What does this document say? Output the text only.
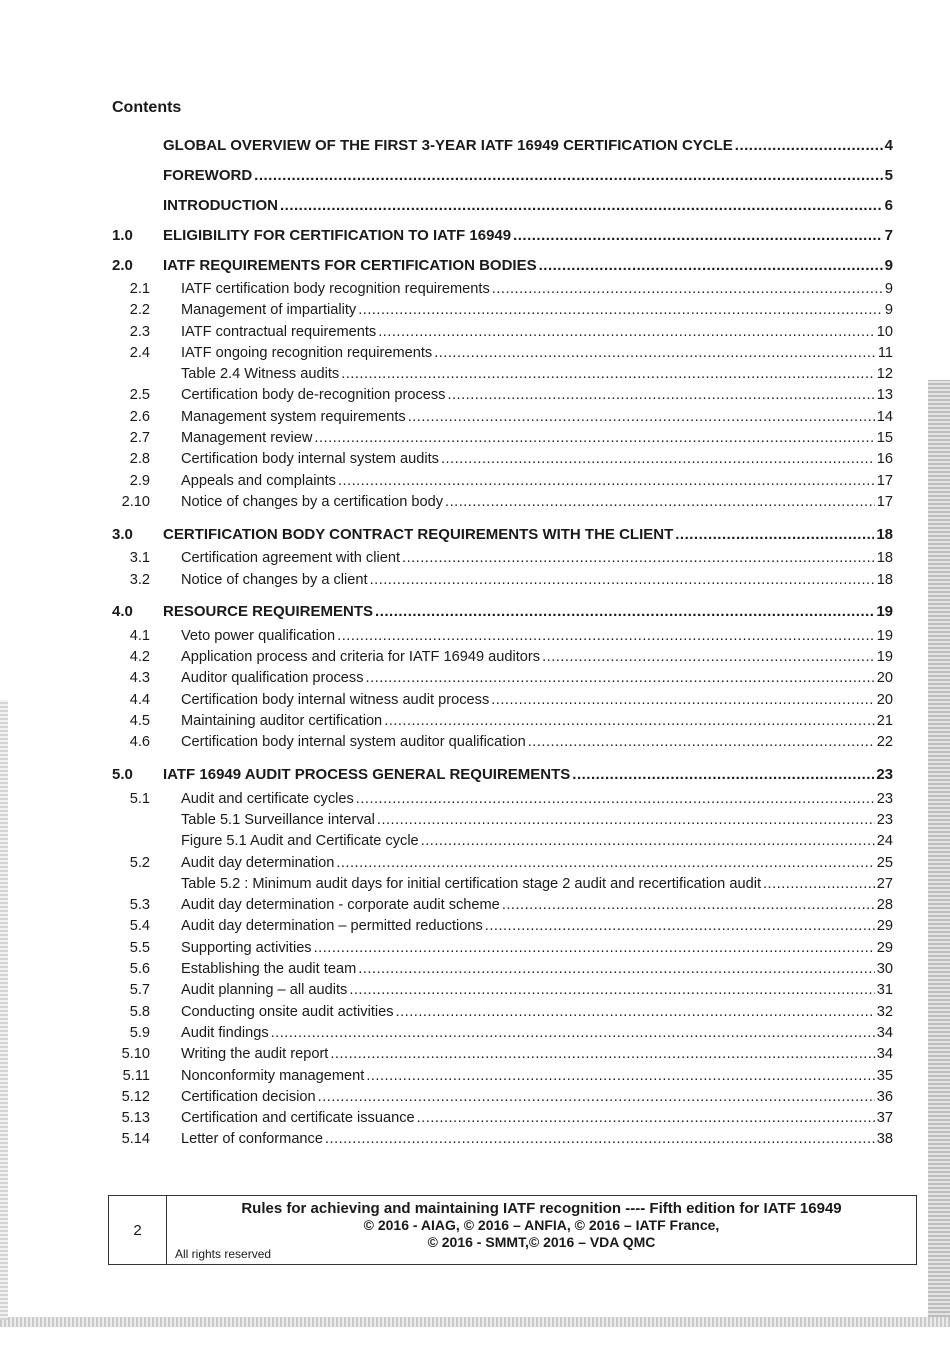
Contents
GLOBAL OVERVIEW OF THE FIRST 3-YEAR IATF 16949 CERTIFICATION CYCLE .....	4
FOREWORD .....	5
INTRODUCTION .....	6
1.0	ELIGIBILITY FOR CERTIFICATION TO IATF 16949 .....	7
2.0	IATF REQUIREMENTS FOR CERTIFICATION BODIES .....	9
2.1 IATF certification body recognition requirements .....	9
2.2 Management of impartiality .....	9
2.3 IATF contractual requirements .....	10
2.4 IATF ongoing recognition requirements .....	11
Table 2.4 Witness audits .....	12
2.5 Certification body de-recognition process .....	13
2.6 Management system requirements .....	14
2.7 Management review .....	15
2.8 Certification body internal system audits .....	16
2.9 Appeals and complaints .....	17
2.10 Notice of changes by a certification body .....	17
3.0	CERTIFICATION BODY CONTRACT REQUIREMENTS WITH THE CLIENT .....	18
3.1 Certification agreement with client .....	18
3.2 Notice of changes by a client .....	18
4.0	RESOURCE REQUIREMENTS .....	19
4.1 Veto power qualification .....	19
4.2 Application process and criteria for IATF 16949 auditors .....	19
4.3 Auditor qualification process .....	20
4.4 Certification body internal witness audit process .....	20
4.5 Maintaining auditor certification .....	21
4.6 Certification body internal system auditor qualification .....	22
5.0	IATF 16949 AUDIT PROCESS GENERAL REQUIREMENTS .....	23
5.1 Audit and certificate cycles .....	23
Table 5.1 Surveillance interval .....	23
Figure 5.1 Audit and Certificate cycle .....	24
5.2 Audit day determination .....	25
Table 5.2 : Minimum audit days for initial certification stage 2 audit and recertification audit .....	27
5.3 Audit day determination - corporate audit scheme .....	28
5.4 Audit day determination – permitted reductions .....	29
5.5 Supporting activities .....	29
5.6 Establishing the audit team .....	30
5.7 Audit planning – all audits .....	31
5.8 Conducting onsite audit activities .....	32
5.9 Audit findings .....	34
5.10 Writing the audit report .....	34
5.11 Nonconformity management .....	35
5.12 Certification decision .....	36
5.13 Certification and certificate issuance .....	37
5.14 Letter of conformance .....	38
2
Rules for achieving and maintaining IATF recognition ---- Fifth edition for IATF 16949
© 2016 - AIAG, © 2016 – ANFIA, © 2016 – IATF France,
© 2016 - SMMT,© 2016 – VDA QMC
All rights reserved
